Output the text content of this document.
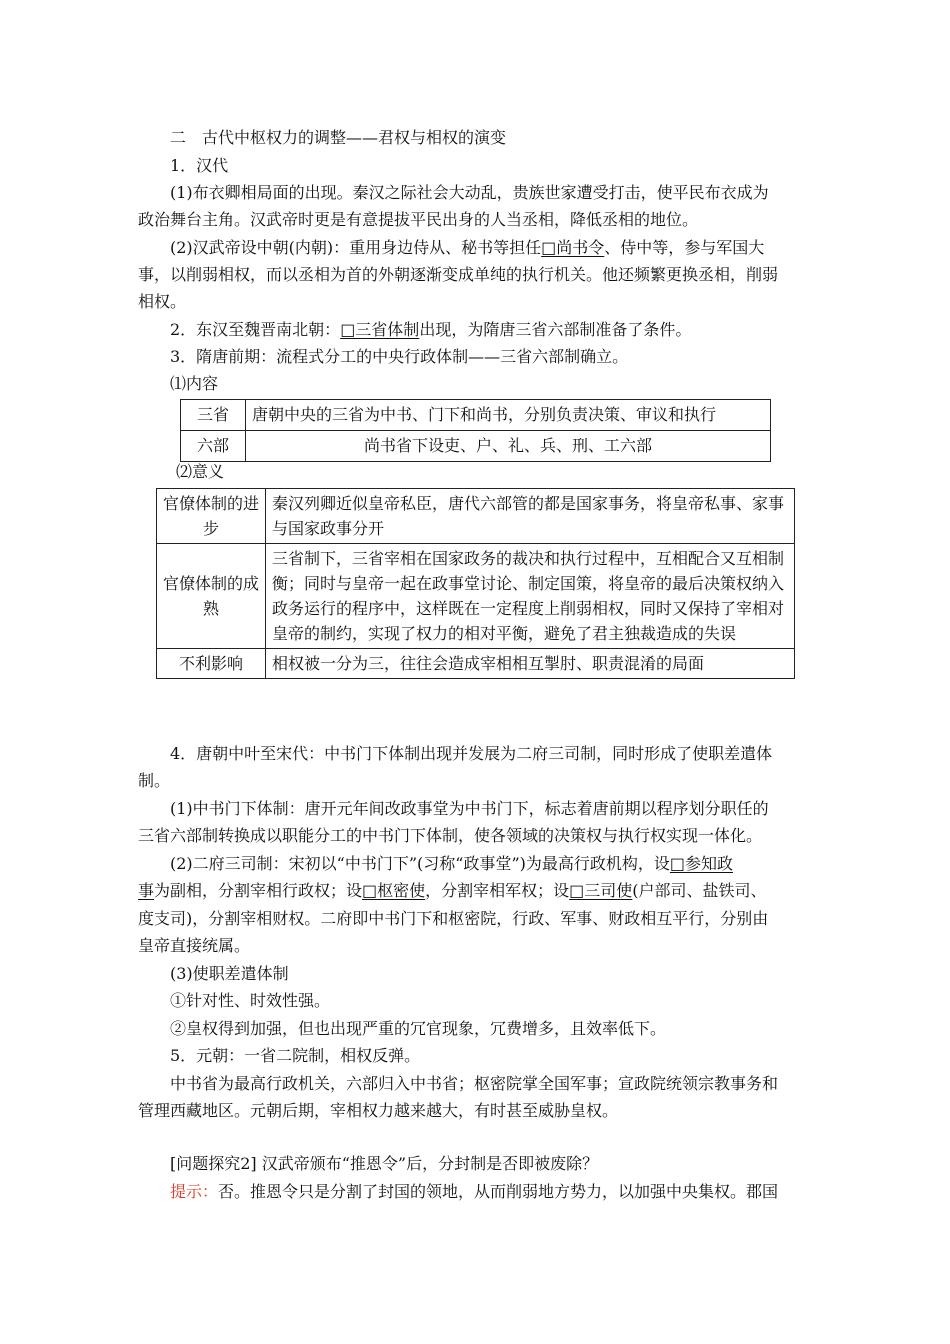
二　古代中枢权力的调整——君权与相权的演变
1．汉代
(1)布衣卿相局面的出现。秦汉之际社会大动乱，贵族世家遭受打击，使平民布衣成为
政治舞台主角。汉武帝时更是有意提拔平民出身的人当丞相，降低丞相的地位。
(2)汉武帝设中朝(内朝)：重用身边侍从、秘书等担任□尚书令、侍中等，参与军国大
事，以削弱相权，而以丞相为首的外朝逐渐变成单纯的执行机关。他还频繁更换丞相，削弱
相权。
2．东汉至魏晋南北朝：□三省体制出现，为隋唐三省六部制准备了条件。
3．隋唐前期：流程式分工的中央行政体制——三省六部制确立。
⑴内容
三省	唐朝中央的三省为中书、门下和尚书，分别负责决策、审议和执行
六部	尚书省下设吏、户、礼、兵、刑、工六部
⑵意义
官僚体制的进步	秦汉列卿近似皇帝私臣，唐代六部管的都是国家事务，将皇帝私事、家事与国家政事分开
官僚体制的成熟	三省制下，三省宰相在国家政务的裁决和执行过程中，互相配合又互相制衡；同时与皇帝一起在政事堂讨论、制定国策，将皇帝的最后决策权纳入政务运行的程序中，这样既在一定程度上削弱相权，同时又保持了宰相对皇帝的制约，实现了权力的相对平衡，避免了君主独裁造成的失误
不利影响	相权被一分为三，往往会造成宰相相互掣肘、职责混淆的局面
4．唐朝中叶至宋代：中书门下体制出现并发展为二府三司制，同时形成了使职差遣体
制。
(1)中书门下体制：唐开元年间改政事堂为中书门下，标志着唐前期以程序划分职任的
三省六部制转换成以职能分工的中书门下体制，使各领域的决策权与执行权实现一体化。
(2)二府三司制：宋初以“中书门下”(习称“政事堂”)为最高行政机构，设□参知政
事为副相，分割宰相行政权；设□枢密使，分割宰相军权；设□三司使(户部司、盐铁司、
度支司)，分割宰相财权。二府即中书门下和枢密院，行政、军事、财政相互平行，分别由
皇帝直接统属。
(3)使职差遣体制
①针对性、时效性强。
②皇权得到加强，但也出现严重的冗官现象，冗费增多，且效率低下。
5．元朝：一省二院制，相权反弹。
中书省为最高行政机关，六部归入中书省；枢密院掌全国军事；宣政院统领宗教事务和
管理西藏地区。元朝后期，宰相权力越来越大，有时甚至威胁皇权。
[问题探究2] 汉武帝颁布“推恩令”后，分封制是否即被废除？
提示：否。推恩令只是分割了封国的领地，从而削弱地方势力，以加强中央集权。郡国
